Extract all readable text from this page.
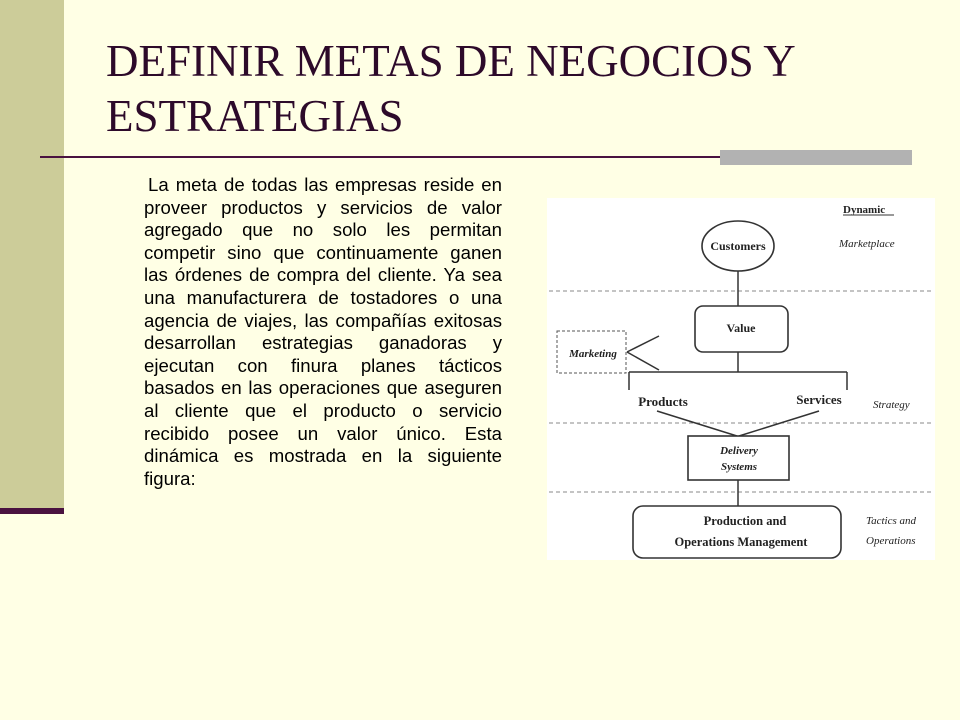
DEFINIR METAS DE NEGOCIOS Y ESTRATEGIAS

La meta de todas las empresas reside en proveer productos y servicios de valor agregado que no solo les permitan competir sino que continuamente ganen las órdenes de compra del cliente. Ya sea una manufacturera de tostadores o una agencia de viajes, las compañías exitosas desarrollan estrategias ganadoras y ejecutan con finura planes tácticos basados en las operaciones que aseguren al cliente que el producto o servicio recibido posee un valor único. Esta dinámica es mostrada en la siguiente figura:

Customers
Value
Marketing
Products	Services
Delivery
Systems
Production and
Operations Management
Dynamic
Marketplace
Strategy
Tactics and
Operations
